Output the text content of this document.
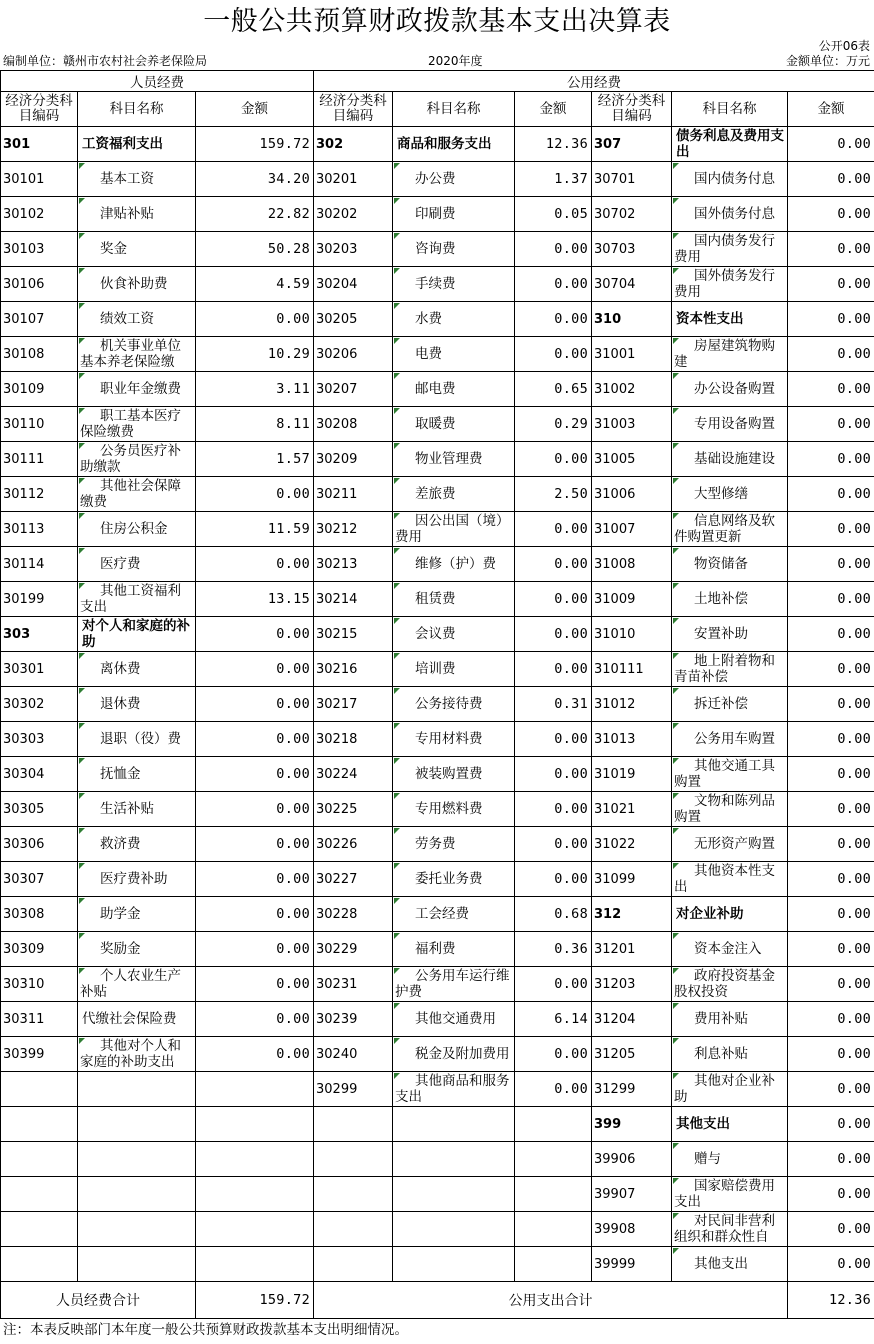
一般公共预算财政拨款基本支出决算表
公开06表
编制单位：赣州市农村社会养老保险局	2020年度	金额单位：万元
人员经费			公用经费					
经济分类科目编码	科目名称	金额	经济分类科目编码	科目名称	金额	经济分类科目编码	科目名称	金额
301	工资福利支出	159.72	302	商品和服务支出	12.36	307	债务利息及费用支出	0.00
30101	基本工资	34.20	30201	办公费	1.37	30701	国内债务付息	0.00
30102	津贴补贴	22.82	30202	印刷费	0.05	30702	国外债务付息	0.00
30103	奖金	50.28	30203	咨询费	0.00	30703	国内债务发行费用	0.00
30106	伙食补助费	4.59	30204	手续费	0.00	30704	国外债务发行费用	0.00
30107	绩效工资	0.00	30205	水费	0.00	310	资本性支出	0.00
30108	机关事业单位基本养老保险缴	10.29	30206	电费	0.00	31001	房屋建筑物购建	0.00
30109	职业年金缴费	3.11	30207	邮电费	0.65	31002	办公设备购置	0.00
30110	职工基本医疗保险缴费	8.11	30208	取暖费	0.29	31003	专用设备购置	0.00
30111	公务员医疗补助缴款	1.57	30209	物业管理费	0.00	31005	基础设施建设	0.00
30112	其他社会保障缴费	0.00	30211	差旅费	2.50	31006	大型修缮	0.00
30113	住房公积金	11.59	30212	因公出国（境）费用	0.00	31007	信息网络及软件购置更新	0.00
30114	医疗费	0.00	30213	维修（护）费	0.00	31008	物资储备	0.00
30199	其他工资福利支出	13.15	30214	租赁费	0.00	31009	土地补偿	0.00
303	对个人和家庭的补助	0.00	30215	会议费	0.00	31010	安置补助	0.00
30301	离休费	0.00	30216	培训费	0.00	310111	地上附着物和青苗补偿	0.00
30302	退休费	0.00	30217	公务接待费	0.31	31012	拆迁补偿	0.00
30303	退职（役）费	0.00	30218	专用材料费	0.00	31013	公务用车购置	0.00
30304	抚恤金	0.00	30224	被装购置费	0.00	31019	其他交通工具购置	0.00
30305	生活补贴	0.00	30225	专用燃料费	0.00	31021	文物和陈列品购置	0.00
30306	救济费	0.00	30226	劳务费	0.00	31022	无形资产购置	0.00
30307	医疗费补助	0.00	30227	委托业务费	0.00	31099	其他资本性支出	0.00
30308	助学金	0.00	30228	工会经费	0.68	312	对企业补助	0.00
30309	奖励金	0.00	30229	福利费	0.36	31201	资本金注入	0.00
30310	个人农业生产补贴	0.00	30231	公务用车运行维护费	0.00	31203	政府投资基金股权投资	0.00
30311	代缴社会保险费	0.00	30239	其他交通费用	6.14	31204	费用补贴	0.00
30399	其他对个人和家庭的补助支出	0.00	30240	税金及附加费用	0.00	31205	利息补贴	0.00
			30299	其他商品和服务支出	0.00	31299	其他对企业补助	0.00
						399	其他支出	0.00
						39906	赠与	0.00
						39907	国家赔偿费用支出	0.00
						39908	对民间非营利组织和群众性自	0.00
						39999	其他支出	0.00
人员经费合计		159.72	公用支出合计					12.36
注：本表反映部门本年度一般公共预算财政拨款基本支出明细情况。
